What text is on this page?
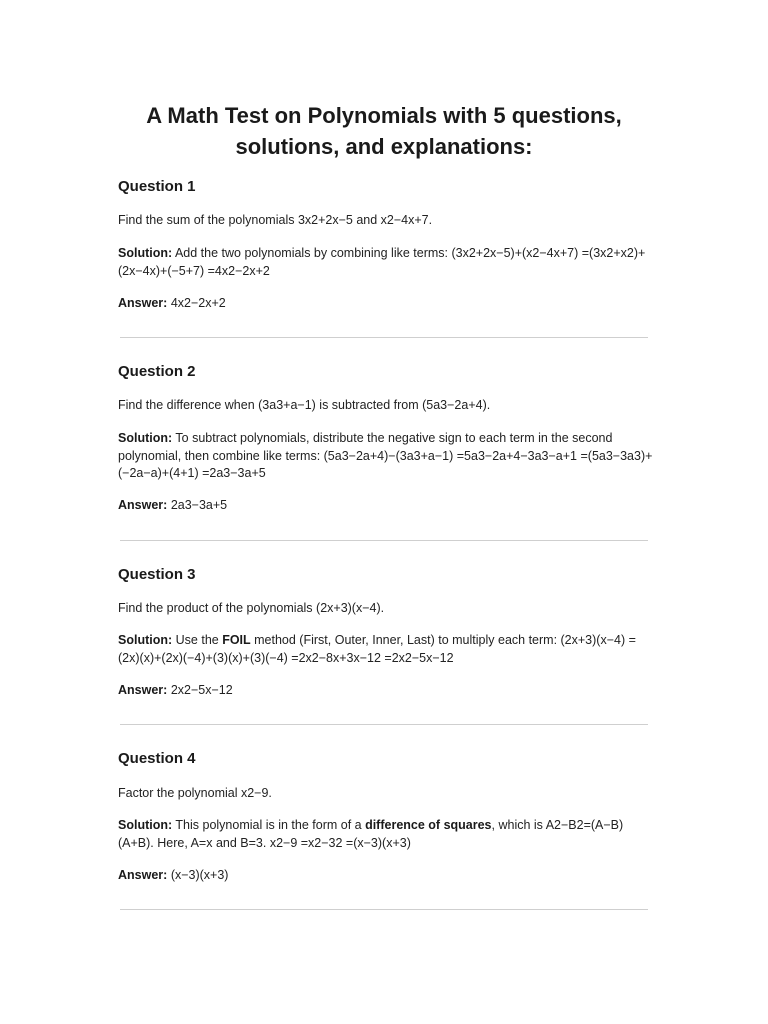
A Math Test on Polynomials with 5 questions,
solutions, and explanations:
Question 1

Find the sum of the polynomials 3x2+2x−5 and x2−4x+7.

Solution: Add the two polynomials by combining like terms: (3x2+2x−5)+(x2−4x+7) =(3x2+x2)+(2x−4x)+(−5+7) =4x2−2x+2

Answer: 4x2−2x+2

Question 2

Find the difference when (3a3+a−1) is subtracted from (5a3−2a+4).

Solution: To subtract polynomials, distribute the negative sign to each term in the second polynomial, then combine like terms: (5a3−2a+4)−(3a3+a−1) =5a3−2a+4−3a3−a+1 =(5a3−3a3)+(−2a−a)+(4+1) =2a3−3a+5

Answer: 2a3−3a+5

Question 3

Find the product of the polynomials (2x+3)(x−4).

Solution: Use the FOIL method (First, Outer, Inner, Last) to multiply each term: (2x+3)(x−4) =(2x)(x)+(2x)(−4)+(3)(x)+(3)(−4) =2x2−8x+3x−12 =2x2−5x−12

Answer: 2x2−5x−12

Question 4

Factor the polynomial x2−9.

Solution: This polynomial is in the form of a difference of squares, which is A2−B2=(A−B)(A+B). Here, A=x and B=3. x2−9 =x2−32 =(x−3)(x+3)

Answer: (x−3)(x+3)
